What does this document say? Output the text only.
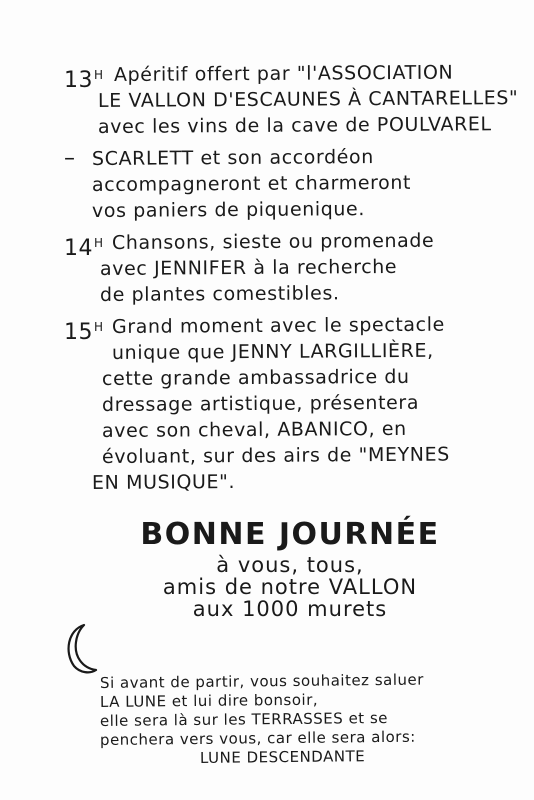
$13^H$ Apéritif offert par "l'ASSOCIATION
LE VALLON D'ESCAUNES À CANTARELLES"
avec les vins de la cave de POULVAREL
– SCARLETT et son accordéon
accompagneront et charmeront
vos paniers de piquenique.
$14^H$ Chansons, sieste ou promenade
avec JENNIFER à la recherche
de plantes comestibles.
$15^H$ Grand moment avec le spectacle
unique que JENNY LARGILLIÈRE,
cette grande ambassadrice du
dressage artistique, présentera
avec son cheval, ABANICO, en
évoluant, sur des airs de "MEYNES
EN MUSIQUE".
BONNE JOURNÉE
à vous, tous,
amis de notre VALLON
aux 1000 murets
Si avant de partir, vous souhaitez saluer
LA LUNE et lui dire bonsoir,
elle sera là sur les TERRASSES et se
penchera vers vous, car elle sera alors:
LUNE DESCENDANTE
